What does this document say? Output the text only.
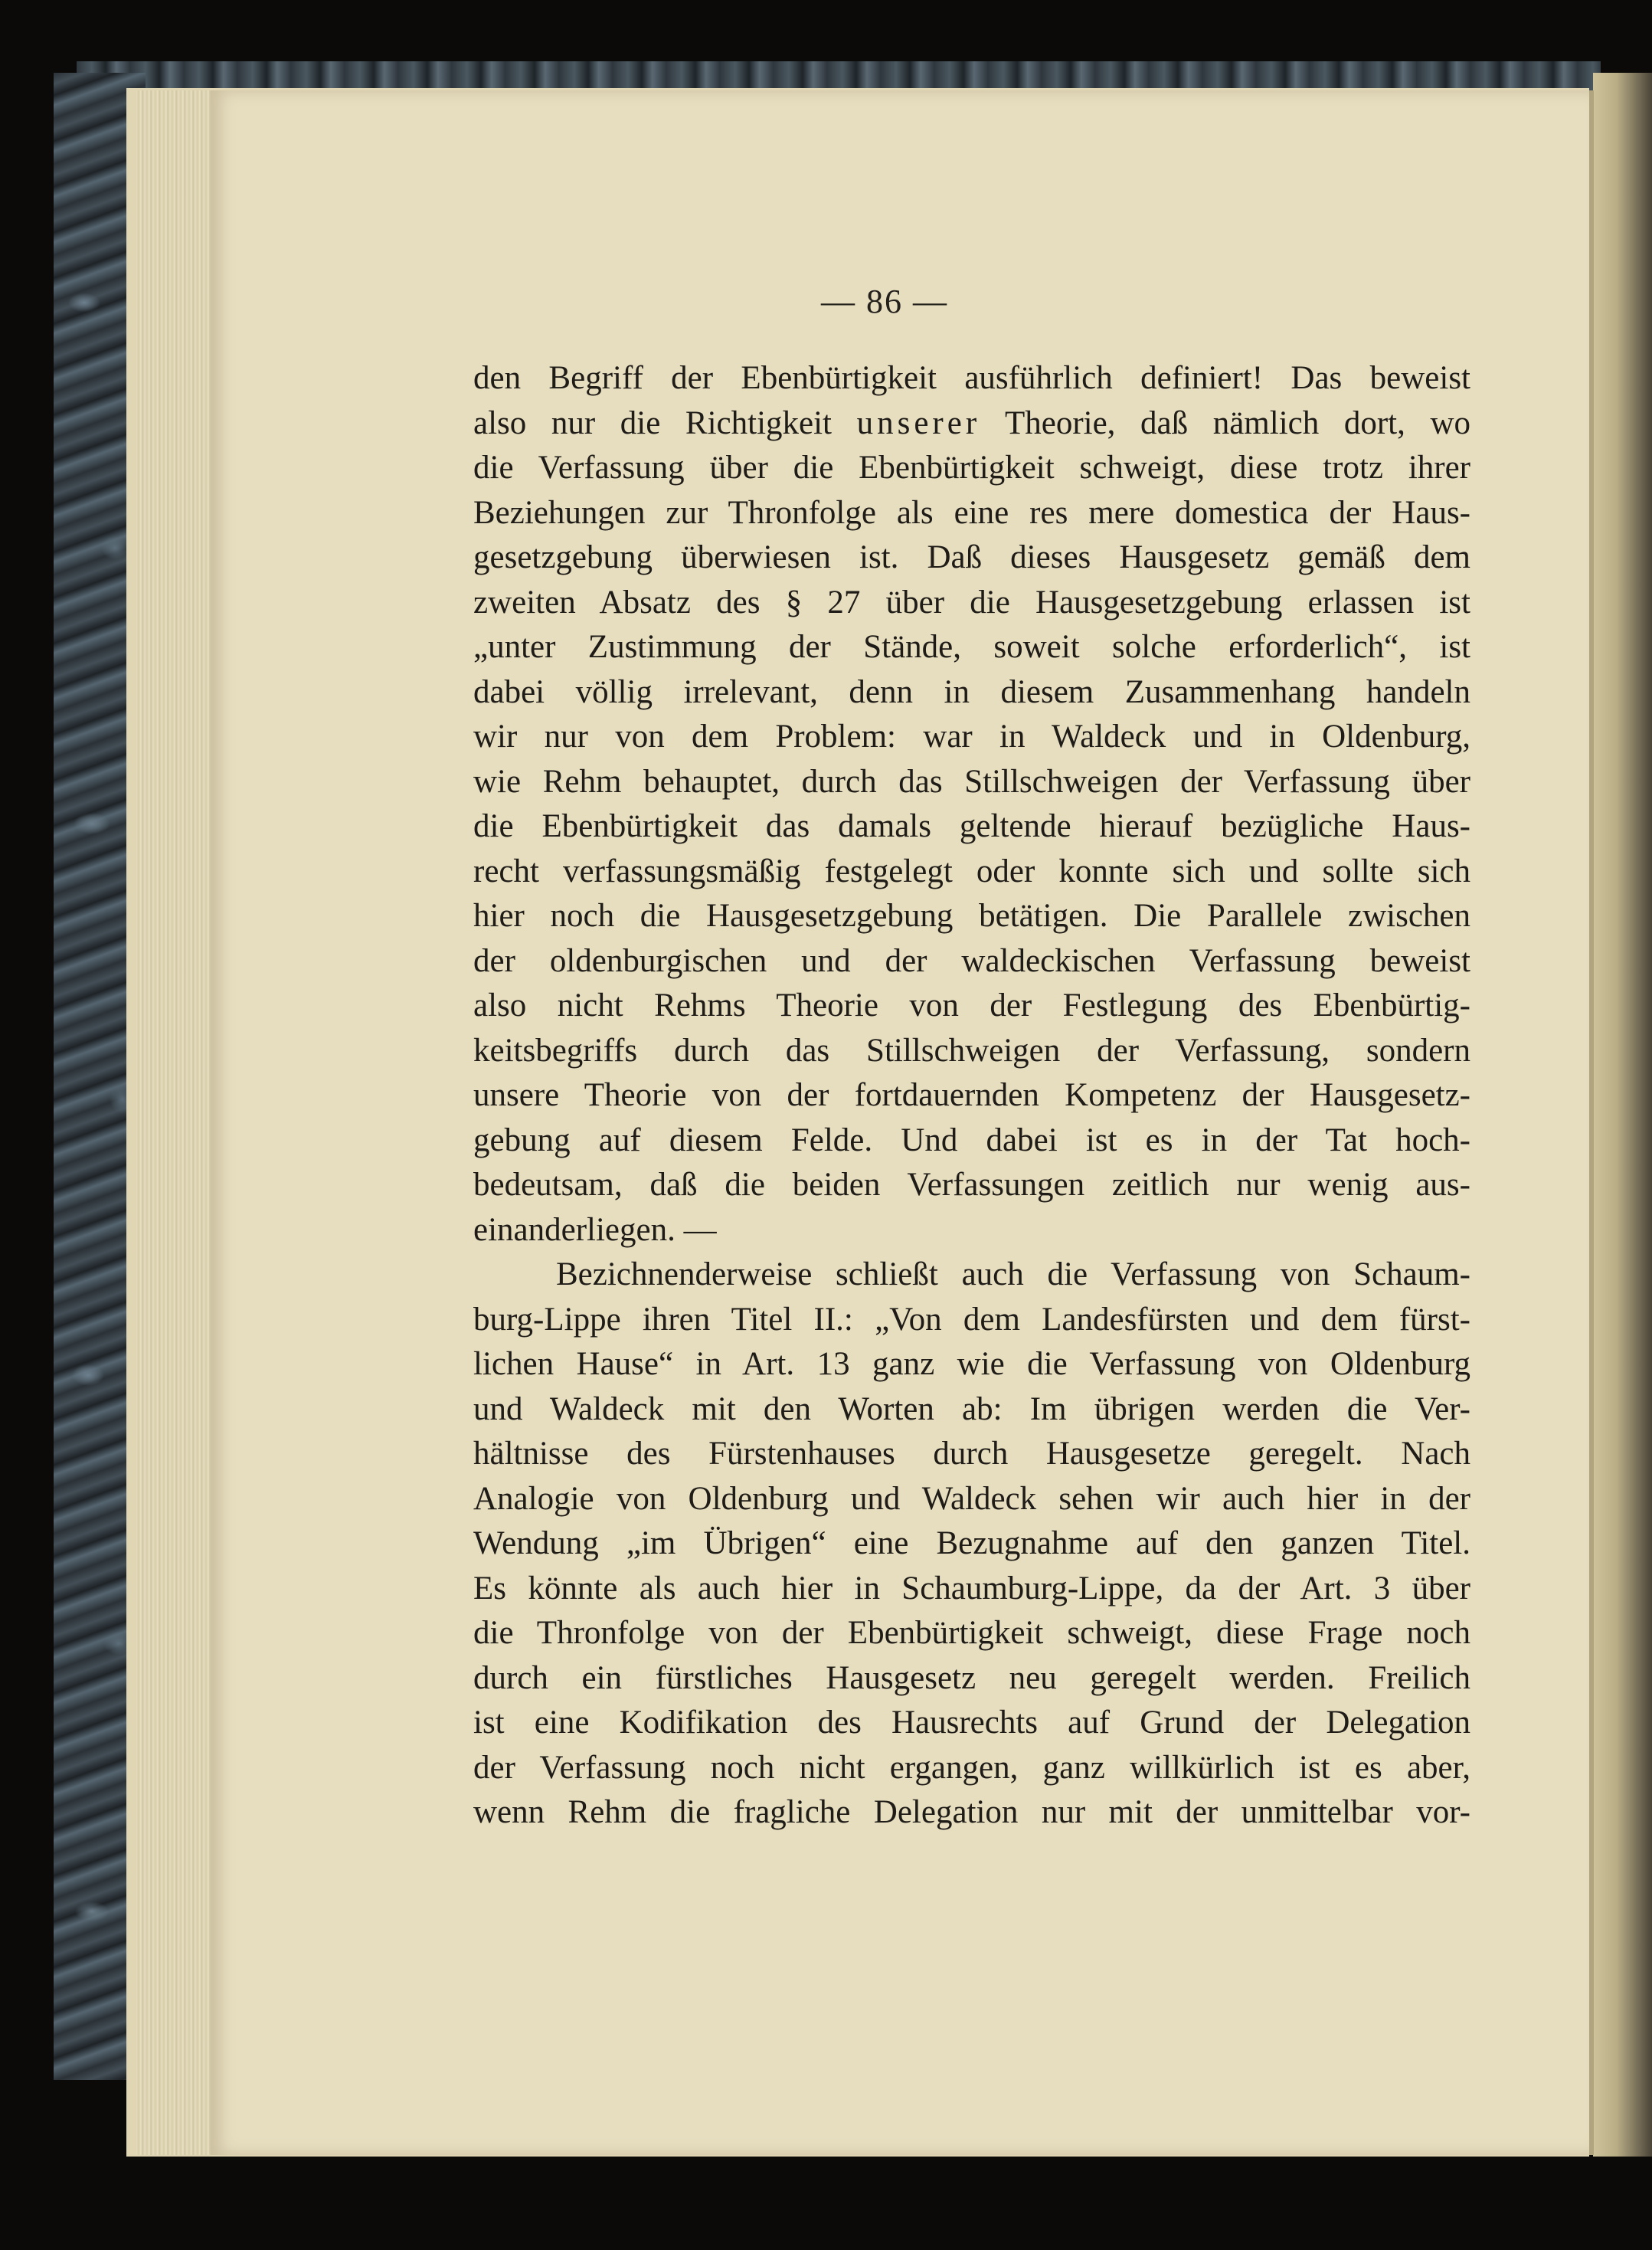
— 86 —
den Begriff der Ebenbürtigkeit ausführlich definiert! Das beweist
also nur die Richtigkeit unserer Theorie, daß nämlich dort, wo
die Verfassung über die Ebenbürtigkeit schweigt, diese trotz ihrer
Beziehungen zur Thronfolge als eine res mere domestica der Haus-
gesetzgebung überwiesen ist. Daß dieses Hausgesetz gemäß dem
zweiten Absatz des § 27 über die Hausgesetzgebung erlassen ist
„unter Zustimmung der Stände, soweit solche erforderlich“, ist
dabei völlig irrelevant, denn in diesem Zusammenhang handeln
wir nur von dem Problem: war in Waldeck und in Oldenburg,
wie Rehm behauptet, durch das Stillschweigen der Verfassung über
die Ebenbürtigkeit das damals geltende hierauf bezügliche Haus-
recht verfassungsmäßig festgelegt oder konnte sich und sollte sich
hier noch die Hausgesetzgebung betätigen. Die Parallele zwischen
der oldenburgischen und der waldeckischen Verfassung beweist
also nicht Rehms Theorie von der Festlegung des Ebenbürtig-
keitsbegriffs durch das Stillschweigen der Verfassung, sondern
unsere Theorie von der fortdauernden Kompetenz der Hausgesetz-
gebung auf diesem Felde. Und dabei ist es in der Tat hoch-
bedeutsam, daß die beiden Verfassungen zeitlich nur wenig aus-
einanderliegen. —
Bezichnenderweise schließt auch die Verfassung von Schaum-
burg-Lippe ihren Titel II.: „Von dem Landesfürsten und dem fürst-
lichen Hause“ in Art. 13 ganz wie die Verfassung von Oldenburg
und Waldeck mit den Worten ab: Im übrigen werden die Ver-
hältnisse des Fürstenhauses durch Hausgesetze geregelt. Nach
Analogie von Oldenburg und Waldeck sehen wir auch hier in der
Wendung „im Übrigen“ eine Bezugnahme auf den ganzen Titel.
Es könnte als auch hier in Schaumburg-Lippe, da der Art. 3 über
die Thronfolge von der Ebenbürtigkeit schweigt, diese Frage noch
durch ein fürstliches Hausgesetz neu geregelt werden. Freilich
ist eine Kodifikation des Hausrechts auf Grund der Delegation
der Verfassung noch nicht ergangen, ganz willkürlich ist es aber,
wenn Rehm die fragliche Delegation nur mit der unmittelbar vor-
